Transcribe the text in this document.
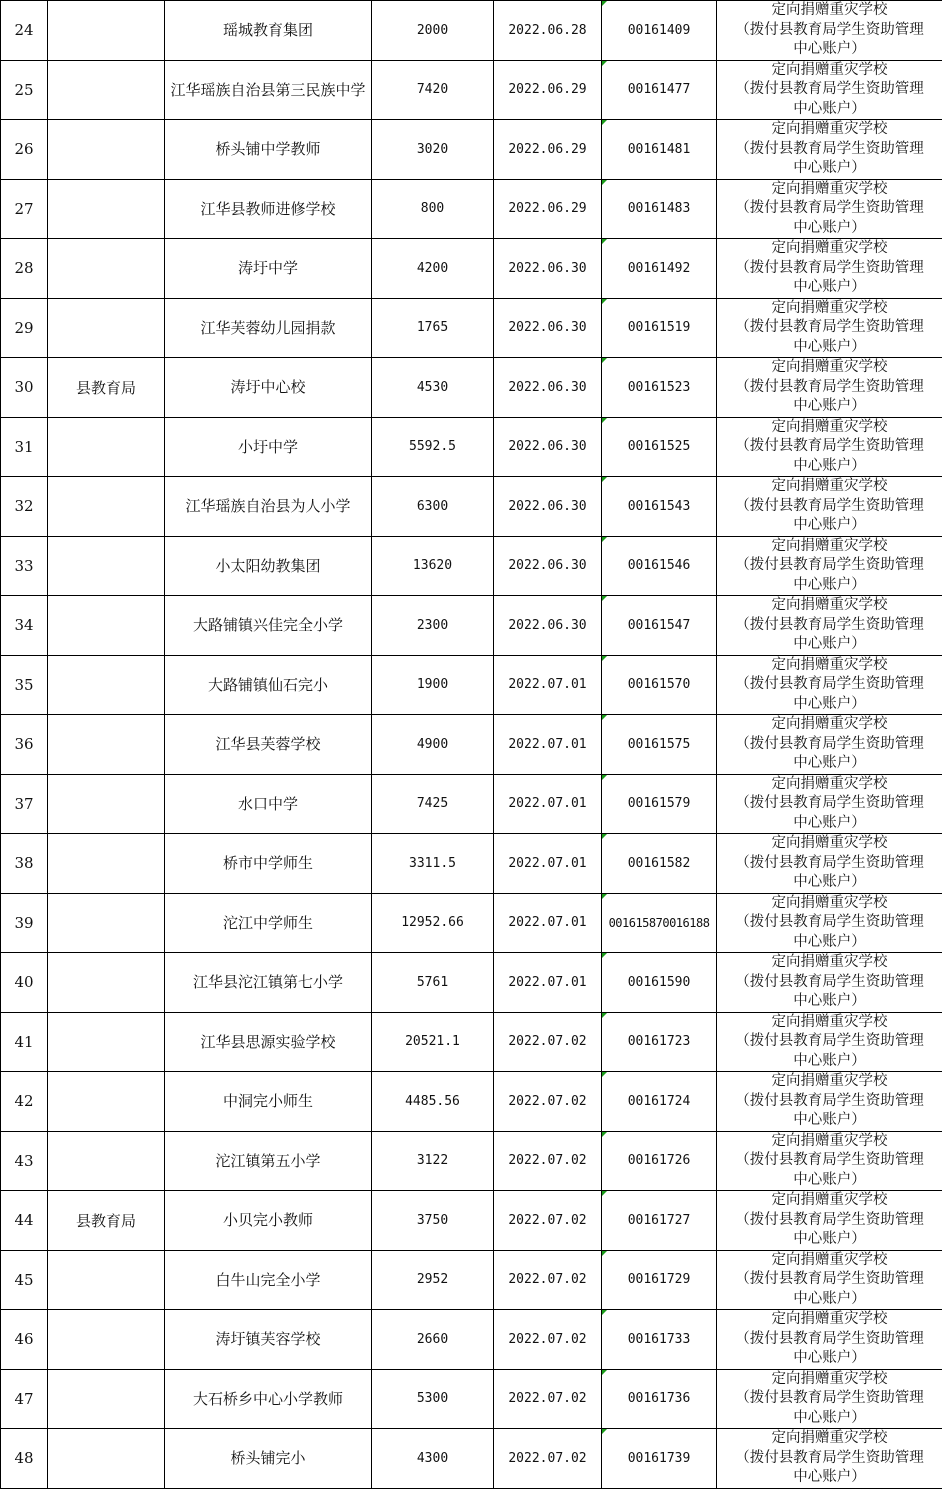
24		瑶城教育集团	2000	2022.06.28	00161409	定向捐赠重灾学校
（拨付县教育局学生资助管理
中心账户）

25		江华瑶族自治县第三民族中学	7420	2022.06.29	00161477	定向捐赠重灾学校
（拨付县教育局学生资助管理
中心账户）

26		桥头铺中学教师	3020	2022.06.29	00161481	定向捐赠重灾学校
（拨付县教育局学生资助管理
中心账户）

27		江华县教师进修学校	800	2022.06.29	00161483	定向捐赠重灾学校
（拨付县教育局学生资助管理
中心账户）

28		涛圩中学	4200	2022.06.30	00161492	定向捐赠重灾学校
（拨付县教育局学生资助管理
中心账户）

29		江华芙蓉幼儿园捐款	1765	2022.06.30	00161519	定向捐赠重灾学校
（拨付县教育局学生资助管理
中心账户）

30	县教育局	涛圩中心校	4530	2022.06.30	00161523	定向捐赠重灾学校
（拨付县教育局学生资助管理
中心账户）

31		小圩中学	5592.5	2022.06.30	00161525	定向捐赠重灾学校
（拨付县教育局学生资助管理
中心账户）

32		江华瑶族自治县为人小学	6300	2022.06.30	00161543	定向捐赠重灾学校
（拨付县教育局学生资助管理
中心账户）

33		小太阳幼教集团	13620	2022.06.30	00161546	定向捐赠重灾学校
（拨付县教育局学生资助管理
中心账户）

34		大路铺镇兴佳完全小学	2300	2022.06.30	00161547	定向捐赠重灾学校
（拨付县教育局学生资助管理
中心账户）

35		大路铺镇仙石完小	1900	2022.07.01	00161570	定向捐赠重灾学校
（拨付县教育局学生资助管理
中心账户）

36		江华县芙蓉学校	4900	2022.07.01	00161575	定向捐赠重灾学校
（拨付县教育局学生资助管理
中心账户）

37		水口中学	7425	2022.07.01	00161579	定向捐赠重灾学校
（拨付县教育局学生资助管理
中心账户）

38		桥市中学师生	3311.5	2022.07.01	00161582	定向捐赠重灾学校
（拨付县教育局学生资助管理
中心账户）

39		沱江中学师生	12952.66	2022.07.01	001615870016188	定向捐赠重灾学校
（拨付县教育局学生资助管理
中心账户）

40		江华县沱江镇第七小学	5761	2022.07.01	00161590	定向捐赠重灾学校
（拨付县教育局学生资助管理
中心账户）

41		江华县思源实验学校	20521.1	2022.07.02	00161723	定向捐赠重灾学校
（拨付县教育局学生资助管理
中心账户）

42		中洞完小师生	4485.56	2022.07.02	00161724	定向捐赠重灾学校
（拨付县教育局学生资助管理
中心账户）

43		沱江镇第五小学	3122	2022.07.02	00161726	定向捐赠重灾学校
（拨付县教育局学生资助管理
中心账户）

44	县教育局	小贝完小教师	3750	2022.07.02	00161727	定向捐赠重灾学校
（拨付县教育局学生资助管理
中心账户）

45		白牛山完全小学	2952	2022.07.02	00161729	定向捐赠重灾学校
（拨付县教育局学生资助管理
中心账户）

46		涛圩镇芙容学校	2660	2022.07.02	00161733	定向捐赠重灾学校
（拨付县教育局学生资助管理
中心账户）

47		大石桥乡中心小学教师	5300	2022.07.02	00161736	定向捐赠重灾学校
（拨付县教育局学生资助管理
中心账户）

48		桥头铺完小	4300	2022.07.02	00161739	定向捐赠重灾学校
（拨付县教育局学生资助管理
中心账户）
